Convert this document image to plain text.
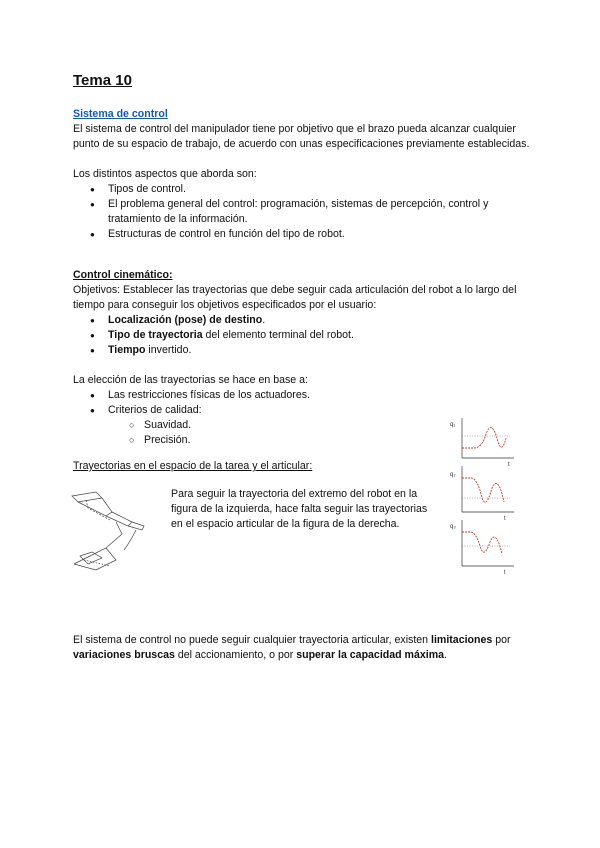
Tema 10

Sistema de control

El sistema de control del manipulador tiene por objetivo que el brazo pueda alcanzar cualquier punto de su espacio de trabajo, de acuerdo con unas especificaciones previamente establecidas.

Los distintos aspectos que aborda son:

● Tipos de control.
● El problema general del control: programación, sistemas de percepción, control y tratamiento de la información.
● Estructuras de control en función del tipo de robot.

Control cinemático:

Objetivos: Establecer las trayectorias que debe seguir cada articulación del robot a lo largo del tiempo para conseguir los objetivos especificados por el usuario:

● Localización (pose) de destino.
● Tipo de trayectoria del elemento terminal del robot.
● Tiempo invertido.

La elección de las trayectorias se hace en base a:

● Las restricciones físicas de los actuadores.
● Criterios de calidad:
○ Suavidad.
○ Precisión.

Trayectorias en el espacio de la tarea y el articular:

Para seguir la trayectoria del extremo del robot en la figura de la izquierda, hace falta seguir las trayectorias en el espacio articular de la figura de la derecha.

q₁
q₂
q₃
t
t
t

El sistema de control no puede seguir cualquier trayectoria articular, existen limitaciones por variaciones bruscas del accionamiento, o por superar la capacidad máxima.
